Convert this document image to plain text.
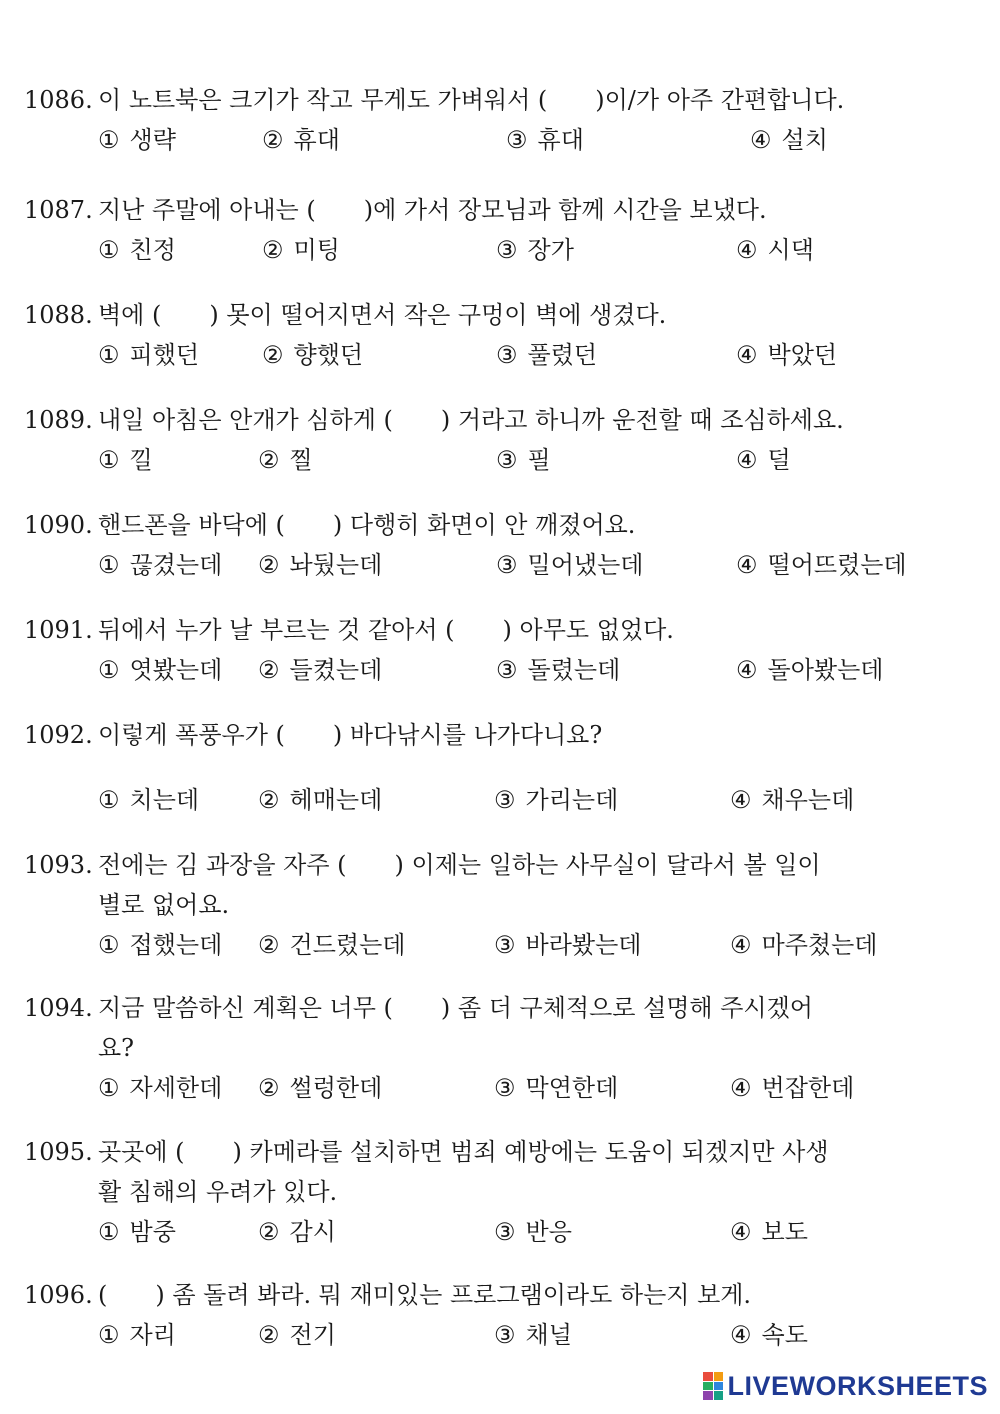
1086. 이 노트북은 크기가 작고 무게도 가벼워서 (  )이/가 아주 간편합니다.
① 생략	② 휴대	③ 휴대	④ 설치
1087. 지난 주말에 아내는 (  )에 가서 장모님과 함께 시간을 보냈다.
① 친정	② 미팅	③ 장가	④ 시댁
1088. 벽에 (  ) 못이 떨어지면서 작은 구멍이 벽에 생겼다.
① 피했던	② 향했던	③ 풀렸던	④ 박았던
1089. 내일 아침은 안개가 심하게 (  ) 거라고 하니까 운전할 때 조심하세요.
① 낄	② 찔	③ 필	④ 덜
1090. 핸드폰을 바닥에 (  ) 다행히 화면이 안 깨졌어요.
① 끊겼는데 ② 놔뒀는데	③ 밀어냈는데	④ 떨어뜨렸는데
1091. 뒤에서 누가 날 부르는 것 같아서 (  ) 아무도 없었다.
① 엿봤는데 ② 들켰는데	③ 돌렸는데	④ 돌아봤는데
1092. 이렇게 폭풍우가 (  ) 바다낚시를 나가다니요?
① 치는데 ② 헤매는데	③ 가리는데	④ 채우는데
1093. 전에는 김 과장을 자주 (  ) 이제는 일하는 사무실이 달라서 볼 일이
별로 없어요.
① 접했는데 ② 건드렸는데	③ 바라봤는데	④ 마주쳤는데
1094. 지금 말씀하신 계획은 너무 (  ) 좀 더 구체적으로 설명해 주시겠어
요?
① 자세한데 ② 썰렁한데	③ 막연한데	④ 번잡한데
1095. 곳곳에 (  ) 카메라를 설치하면 범죄 예방에는 도움이 되겠지만 사생
활 침해의 우려가 있다.
① 밤중	② 감시	③ 반응	④ 보도
1096. (  ) 좀 돌려 봐라. 뭐 재미있는 프로그램이라도 하는지 보게.
① 자리	② 전기	③ 채널	④ 속도
LIVEWORKSHEETS
